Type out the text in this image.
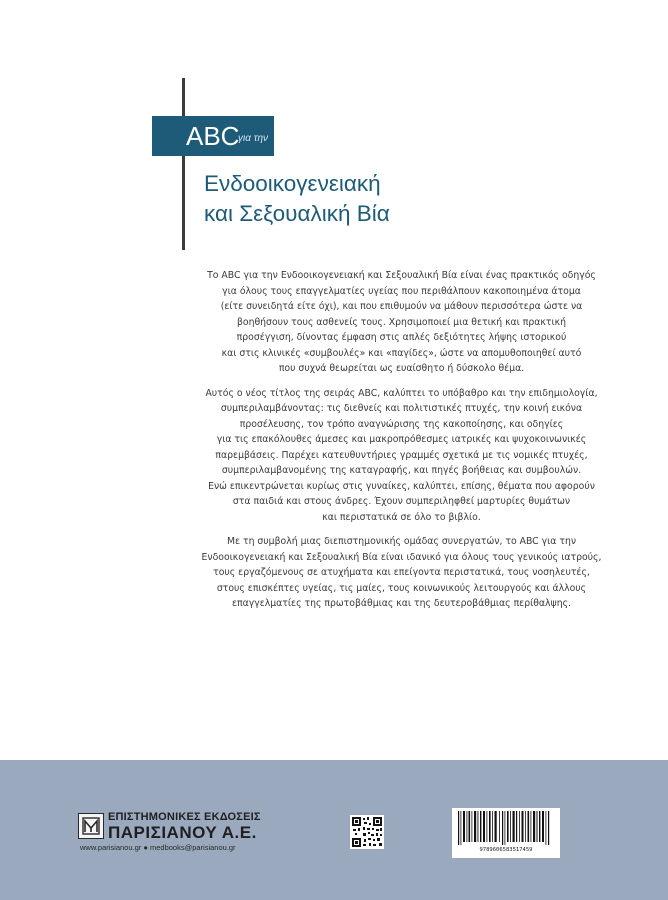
ABC
για την
Ενδοοικογενειακή
και Σεξουαλική Βία

Το ABC για την Ενδοοικογενειακή και Σεξουαλική Βία είναι ένας πρακτικός οδηγός
για όλους τους επαγγελματίες υγείας που περιθάλπουν κακοποιημένα άτομα
(είτε συνειδητά είτε όχι), και που επιθυμούν να μάθουν περισσότερα ώστε να
βοηθήσουν τους ασθενείς τους. Χρησιμοποιεί μια θετική και πρακτική
προσέγγιση, δίνοντας έμφαση στις απλές δεξιότητες λήψης ιστορικού
και στις κλινικές «συμβουλές» και «παγίδες», ώστε να απομυθοποιηθεί αυτό
που συχνά θεωρείται ως ευαίσθητο ή δύσκολο θέμα.

Αυτός ο νέος τίτλος της σειράς ABC, καλύπτει το υπόβαθρο και την επιδημιολογία,
συμπεριλαμβάνοντας: τις διεθνείς και πολιτιστικές πτυχές, την κοινή εικόνα
προσέλευσης, τον τρόπο αναγνώρισης της κακοποίησης, και οδηγίες
για τις επακόλουθες άμεσες και μακροπρόθεσμες ιατρικές και ψυχοκοινωνικές
παρεμβάσεις. Παρέχει κατευθυντήριες γραμμές σχετικά με τις νομικές πτυχές,
συμπεριλαμβανομένης της καταγραφής, και πηγές βοήθειας και συμβουλών.
Ενώ επικεντρώνεται κυρίως στις γυναίκες, καλύπτει, επίσης, θέματα που αφορούν
στα παιδιά και στους άνδρες. Έχουν συμπεριληφθεί μαρτυρίες θυμάτων
και περιστατικά σε όλο το βιβλίο.

Με τη συμβολή μιας διεπιστημονικής ομάδας συνεργατών, το ABC για την
Ενδοοικογενειακή και Σεξουαλική Βία είναι ιδανικό για όλους τους γενικούς ιατρούς,
τους εργαζόμενους σε ατυχήματα και επείγοντα περιστατικά, τους νοσηλευτές,
στους επισκέπτες υγείας, τις μαίες, τους κοινωνικούς λειτουργούς και άλλους
επαγγελματίες της πρωτοβάθμιας και της δευτεροβάθμιας περίθαλψης.

ΕΠΙΣΤΗΜΟΝΙΚΕΣ ΕΚΔΟΣΕΙΣ
ΠΑΡΙΣΙΑΝΟΥ Α.Ε.
www.parisianou.gr ● medbooks@parisianou.gr	9789606583517459
